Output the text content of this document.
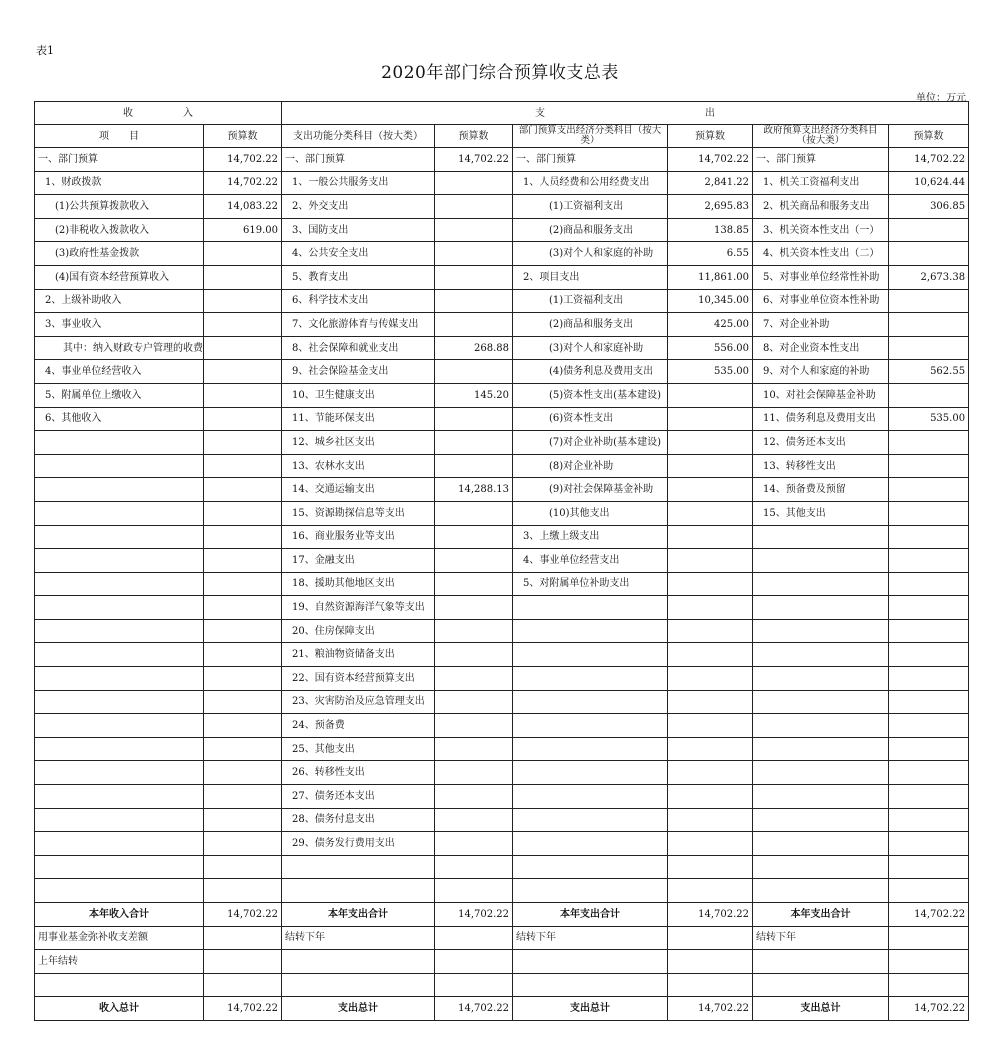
表1
2020年部门综合预算收支总表
单位：万元
收　　　　　入		支　　　　　　　　　　　　　　　　出					
项　　目	预算数	支出功能分类科目（按大类）	预算数	部门预算支出经济分类科目（按大类）	预算数	政府预算支出经济分类科目（按大类）	预算数
一、部门预算	14,702.22	一、部门预算	14,702.22	一、部门预算	14,702.22	一、部门预算	14,702.22
1、财政拨款	14,702.22	1、一般公共服务支出		1、人员经费和公用经费支出	2,841.22	1、机关工资福利支出	10,624.44
(1)公共预算拨款收入	14,083.22	2、外交支出		(1)工资福利支出	2,695.83	2、机关商品和服务支出	306.85
(2)非税收入拨款收入	619.00	3、国防支出		(2)商品和服务支出	138.85	3、机关资本性支出（一）	
(3)政府性基金拨款		4、公共安全支出		(3)对个人和家庭的补助	6.55	4、机关资本性支出（二）	
(4)国有资本经营预算收入		5、教育支出		2、项目支出	11,861.00	5、对事业单位经常性补助	2,673.38
2、上级补助收入		6、科学技术支出		(1)工资福利支出	10,345.00	6、对事业单位资本性补助	
3、事业收入		7、文化旅游体育与传媒支出		(2)商品和服务支出	425.00	7、对企业补助	
其中：纳入财政专户管理的收费		8、社会保障和就业支出	268.88	(3)对个人和家庭补助	556.00	8、对企业资本性支出	
4、事业单位经营收入		9、社会保险基金支出		(4)债务利息及费用支出	535.00	9、对个人和家庭的补助	562.55
5、附属单位上缴收入		10、卫生健康支出	145.20	(5)资本性支出(基本建设)		10、对社会保障基金补助	
6、其他收入		11、节能环保支出		(6)资本性支出		11、债务利息及费用支出	535.00
		12、城乡社区支出		(7)对企业补助(基本建设)		12、债务还本支出	
		13、农林水支出		(8)对企业补助		13、转移性支出	
		14、交通运输支出	14,288.13	(9)对社会保障基金补助		14、预备费及预留	
		15、资源勘探信息等支出		(10)其他支出		15、其他支出	
		16、商业服务业等支出		3、上缴上级支出			
		17、金融支出		4、事业单位经营支出			
		18、援助其他地区支出		5、对附属单位补助支出			
		19、自然资源海洋气象等支出					
		20、住房保障支出					
		21、粮油物资储备支出					
		22、国有资本经营预算支出					
		23、灾害防治及应急管理支出					
		24、预备费					
		25、其他支出					
		26、转移性支出					
		27、债务还本支出					
		28、债务付息支出					
		29、债务发行费用支出					

本年收入合计	14,702.22	本年支出合计	14,702.22	本年支出合计	14,702.22	本年支出合计	14,702.22
用事业基金弥补收支差额		结转下年		结转下年		结转下年	
上年结转							

收入总计	14,702.22	支出总计	14,702.22	支出总计	14,702.22	支出总计	14,702.22
